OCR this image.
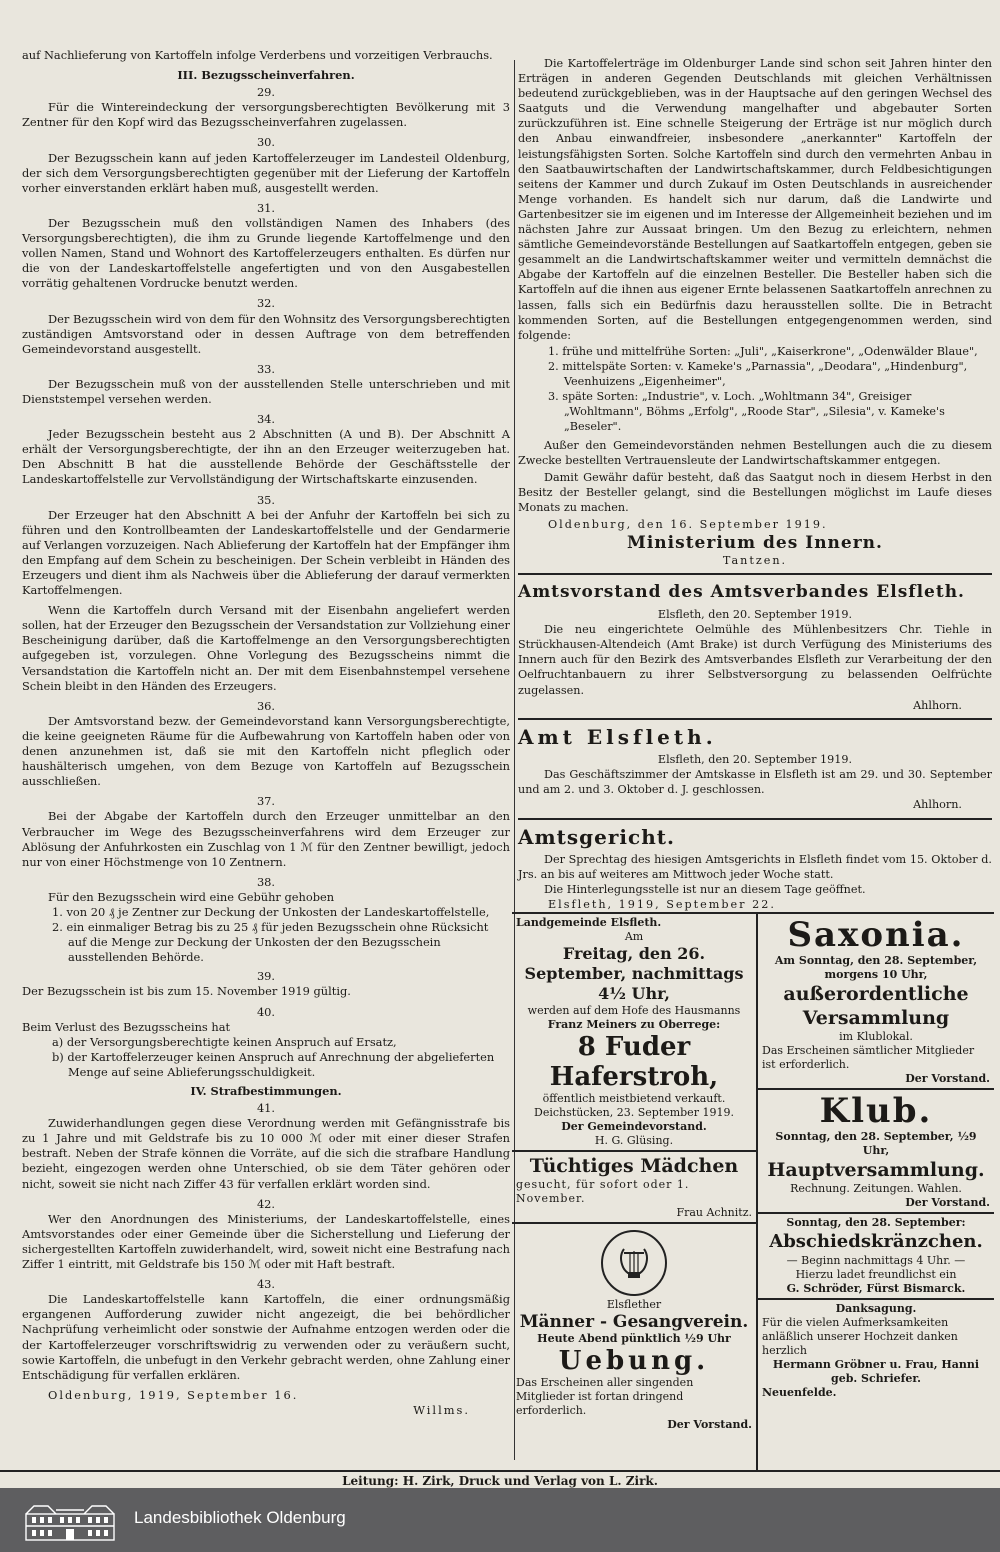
auf Nachlieferung von Kartoffeln infolge Verderbens und vorzeitigen Verbrauchs.

III. Bezugsscheinverfahren.
29.

Für die Wintereindeckung der versorgungsberechtigten Bevölkerung mit 3 Zentner für den Kopf wird das Bezugsscheinverfahren zugelassen.

30.

Der Bezugsschein kann auf jeden Kartoffelerzeuger im Landesteil Oldenburg, der sich dem Versorgungsberechtigten gegenüber mit der Lieferung der Kartoffeln vorher einverstanden erklärt haben muß, ausgestellt werden.

31.

Der Bezugsschein muß den vollständigen Namen des Inhabers (des Versorgungsberechtigten), die ihm zu Grunde liegende Kartoffelmenge und den vollen Namen, Stand und Wohnort des Kartoffelerzeugers enthalten. Es dürfen nur die von der Landeskartoffelstelle angefertigten und von den Ausgabestellen vorrätig gehaltenen Vordrucke benutzt werden.

32.

Der Bezugsschein wird von dem für den Wohnsitz des Versorgungsberechtigten zuständigen Amtsvorstand oder in dessen Auftrage von dem betreffenden Gemeindevorstand ausgestellt.

33.

Der Bezugsschein muß von der ausstellenden Stelle unterschrieben und mit Dienststempel versehen werden.

34.

Jeder Bezugsschein besteht aus 2 Abschnitten (A und B). Der Abschnitt A erhält der Versorgungsberechtigte, der ihn an den Erzeuger weiterzugeben hat. Den Abschnitt B hat die ausstellende Behörde der Geschäftsstelle der Landeskartoffelstelle zur Vervollständigung der Wirtschaftskarte einzusenden.

35.

Der Erzeuger hat den Abschnitt A bei der Anfuhr der Kartoffeln bei sich zu führen und den Kontrollbeamten der Landeskartoffelstelle und der Gendarmerie auf Verlangen vorzuzeigen. Nach Ablieferung der Kartoffeln hat der Empfänger ihm den Empfang auf dem Schein zu bescheinigen. Der Schein verbleibt in Händen des Erzeugers und dient ihm als Nachweis über die Ablieferung der darauf vermerkten Kartoffelmengen.

Wenn die Kartoffeln durch Versand mit der Eisenbahn angeliefert werden sollen, hat der Erzeuger den Bezugsschein der Versandstation zur Vollziehung einer Bescheinigung darüber, daß die Kartoffelmenge an den Versorgungsberechtigten aufgegeben ist, vorzulegen. Ohne Vorlegung des Bezugsscheins nimmt die Versandstation die Kartoffeln nicht an. Der mit dem Eisenbahnstempel versehene Schein bleibt in den Händen des Erzeugers.

36.

Der Amtsvorstand bezw. der Gemeindevorstand kann Versorgungsberechtigte, die keine geeigneten Räume für die Aufbewahrung von Kartoffeln haben oder von denen anzunehmen ist, daß sie mit den Kartoffeln nicht pfleglich oder haushälterisch umgehen, von dem Bezuge von Kartoffeln auf Bezugsschein ausschließen.

37.

Bei der Abgabe der Kartoffeln durch den Erzeuger unmittelbar an den Verbraucher im Wege des Bezugsscheinverfahrens wird dem Erzeuger zur Ablösung der Anfuhrkosten ein Zuschlag von 1 ℳ für den Zentner bewilligt, jedoch nur von einer Höchstmenge von 10 Zentnern.

38.

Für den Bezugsschein wird eine Gebühr gehoben

1. von 20 ₰ je Zentner zur Deckung der Unkosten der Landeskartoffelstelle,
2. ein einmaliger Betrag bis zu 25 ₰ für jeden Bezugsschein ohne Rücksicht auf die Menge zur Deckung der Unkosten der den Bezugsschein ausstellenden Behörde.
39.

Der Bezugsschein ist bis zum 15. November 1919 gültig.

40.

Beim Verlust des Bezugsscheins hat

a) der Versorgungsberechtigte keinen Anspruch auf Ersatz,
b) der Kartoffelerzeuger keinen Anspruch auf Anrechnung der abgelieferten Menge auf seine Ablieferungsschuldigkeit.
IV. Strafbestimmungen.
41.

Zuwiderhandlungen gegen diese Verordnung werden mit Gefängnisstrafe bis zu 1 Jahre und mit Geldstrafe bis zu 10 000 ℳ oder mit einer dieser Strafen bestraft. Neben der Strafe können die Vorräte, auf die sich die strafbare Handlung bezieht, eingezogen werden ohne Unterschied, ob sie dem Täter gehören oder nicht, soweit sie nicht nach Ziffer 43 für verfallen erklärt worden sind.

42.

Wer den Anordnungen des Ministeriums, der Landeskartoffelstelle, eines Amtsvorstandes oder einer Gemeinde über die Sicherstellung und Lieferung der sichergestellten Kartoffeln zuwiderhandelt, wird, soweit nicht eine Bestrafung nach Ziffer 1 eintritt, mit Geldstrafe bis 150 ℳ oder mit Haft bestraft.

43.

Die Landeskartoffelstelle kann Kartoffeln, die einer ordnungsmäßig ergangenen Aufforderung zuwider nicht angezeigt, die bei behördlicher Nachprüfung verheimlicht oder sonstwie der Aufnahme entzogen werden oder die der Kartoffelerzeuger vorschriftswidrig zu verwenden oder zu veräußern sucht, sowie Kartoffeln, die unbefugt in den Verkehr gebracht werden, ohne Zahlung einer Entschädigung für verfallen erklären.

Oldenburg, 1919, September 16.
Willms.

Die Kartoffelerträge im Oldenburger Lande sind schon seit Jahren hinter den Erträgen in anderen Gegenden Deutschlands mit gleichen Verhältnissen bedeutend zurückgeblieben, was in der Hauptsache auf den geringen Wechsel des Saatguts und die Verwendung mangelhafter und abgebauter Sorten zurückzuführen ist. Eine schnelle Steigerung der Erträge ist nur möglich durch den Anbau einwandfreier, insbesondere „anerkannter" Kartoffeln der leistungsfähigsten Sorten. Solche Kartoffeln sind durch den vermehrten Anbau in den Saatbauwirtschaften der Landwirtschaftskammer, durch Feldbesichtigungen seitens der Kammer und durch Zukauf im Osten Deutschlands in ausreichender Menge vorhanden. Es handelt sich nur darum, daß die Landwirte und Gartenbesitzer sie im eigenen und im Interesse der Allgemeinheit beziehen und im nächsten Jahre zur Aussaat bringen. Um den Bezug zu erleichtern, nehmen sämtliche Gemeindevorstände Bestellungen auf Saatkartoffeln entgegen, geben sie gesammelt an die Landwirtschaftskammer weiter und vermitteln demnächst die Abgabe der Kartoffeln auf die einzelnen Besteller. Die Besteller haben sich die Kartoffeln auf die ihnen aus eigener Ernte belassenen Saatkartoffeln anrechnen zu lassen, falls sich ein Bedürfnis dazu herausstellen sollte. Die in Betracht kommenden Sorten, auf die Bestellungen entgegengenommen werden, sind folgende:

1. frühe und mittelfrühe Sorten: „Juli", „Kaiserkrone", „Odenwälder Blaue",
2. mittelspäte Sorten: v. Kameke's „Parnassia", „Deodara", „Hindenburg", Veenhuizens „Eigenheimer",
3. späte Sorten: „Industrie", v. Loch. „Wohltmann 34", Greisiger „Wohltmann", Böhms „Erfolg", „Roode Star", „Silesia", v. Kameke's „Beseler".

Außer den Gemeindevorständen nehmen Bestellungen auch die zu diesem Zwecke bestellten Vertrauensleute der Landwirtschaftskammer entgegen.

Damit Gewähr dafür besteht, daß das Saatgut noch in diesem Herbst in den Besitz der Besteller gelangt, sind die Bestellungen möglichst im Laufe dieses Monats zu machen.

Oldenburg, den 16. September 1919.
Ministerium des Innern.
Tantzen.
Amtsvorstand des Amtsverbandes Elsfleth.
Elsfleth, den 20. September 1919.

Die neu eingerichtete Oelmühle des Mühlenbesitzers Chr. Tiehle in Strückhausen-Altendeich (Amt Brake) ist durch Verfügung des Ministeriums des Innern auch für den Bezirk des Amtsverbandes Elsfleth zur Verarbeitung der den Oelfruchtanbauern zu ihrer Selbstversorgung zu belassenden Oelfrüchte zugelassen.

Ahlhorn.
Amt Elsfleth.
Elsfleth, den 20. September 1919.

Das Geschäftszimmer der Amtskasse in Elsfleth ist am 29. und 30. September und am 2. und 3. Oktober d. J. geschlossen.

Ahlhorn.
Amtsgericht.

Der Sprechtag des hiesigen Amtsgerichts in Elsfleth findet vom 15. Oktober d. Jrs. an bis auf weiteres am Mittwoch jeder Woche statt.

Die Hinterlegungsstelle ist nur an diesem Tage geöffnet.

Elsfleth, 1919, September 22.
Landgemeinde Elsfleth.
Am
Freitag, den 26. September, nachmittags 4½ Uhr,
werden auf dem Hofe des Hausmanns
Franz Meiners zu Oberrege:
8 Fuder
Haferstroh,
öffentlich meistbietend verkauft.
Deichstücken, 23. September 1919.
Der Gemeindevorstand.
H. G. Glüsing.
Tüchtiges Mädchen
gesucht, für sofort oder 1. November.
Frau Achnitz.
Elsflether
Männer - Gesangverein.
Heute Abend pünktlich ½9 Uhr
Uebung.
Das Erscheinen aller singenden Mitglieder ist fortan dringend erforderlich.
Der Vorstand.
Saxonia.
Am Sonntag, den 28. September, morgens 10 Uhr,
außerordentliche Versammlung
im Klublokal.
Das Erscheinen sämtlicher Mitglieder ist erforderlich.
Der Vorstand.
Klub.
Sonntag, den 28. September, ½9 Uhr,
Hauptversammlung.
Rechnung. Zeitungen. Wahlen.
Der Vorstand.
Sonntag, den 28. September:
Abschiedskränzchen.
— Beginn nachmittags 4 Uhr. —
Hierzu ladet freundlichst ein
G. Schröder, Fürst Bismarck.
Danksagung.
Für die vielen Aufmerksamkeiten anläßlich unserer Hochzeit danken herzlich
Hermann Gröbner u. Frau, Hanni geb. Schriefer.
Neuenfelde.
Leitung: H. Zirk, Druck und Verlag von L. Zirk.
Landesbibliothek Oldenburg
